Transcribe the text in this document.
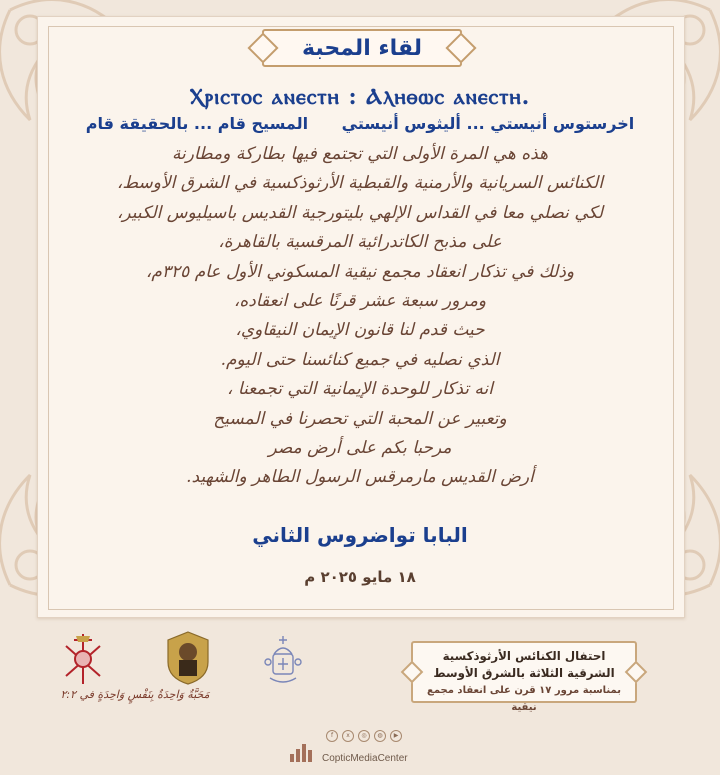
لقاء المحبة
Ⲭⲣⲓⲥⲧⲟⲥ ⲁⲛⲉⲥⲧⲏ : Ⲁⲗⲏⲑⲱⲥ ⲁⲛⲉⲥⲧⲏ.
اخرستوس أنيستي ... أليثوس أنيستي المسيح قام ... بالحقيقة قام
هذه هي المرة الأولى التي تجتمع فيها بطاركة ومطارنة
الكنائس السريانية والأرمنية والقبطية الأرثوذكسية في الشرق الأوسط،
لكي نصلي معا في القداس الإلهي بليتورجية القديس باسيليوس الكبير،
على مذبح الكاتدرائية المرقسية بالقاهرة،
وذلك في تذكار انعقاد مجمع نيقية المسكوني الأول عام ٣٢٥م،
ومرور سبعة عشر قرنًا على انعقاده،
حيث قدم لنا قانون الإيمان النيقاوي،
الذي نصليه في جميع كنائسنا حتى اليوم.
انه تذكار للوحدة الإيمانية التي تجمعنا ،
وتعبير عن المحبة التي تحصرنا في المسيح
مرحبا بكم على أرض مصر
أرض القديس مارمرقس الرسول الطاهر والشهيد.
البابا تواضروس الثاني
١٨ مايو ٢٠٢٥ م
مَحَبَّةٌ وَاحِدَةٌ بِنَفْسٍ وَاحِدَةٍ في ٢:٢
احتفال الكنائس الأرثوذكسية
الشرقية الثلاثة بالشرق الأوسط
بمناسبة مرور ١٧ قرن على انعقاد مجمع نيقية
f	x	◎	◍	▶
CopticMediaCenter
